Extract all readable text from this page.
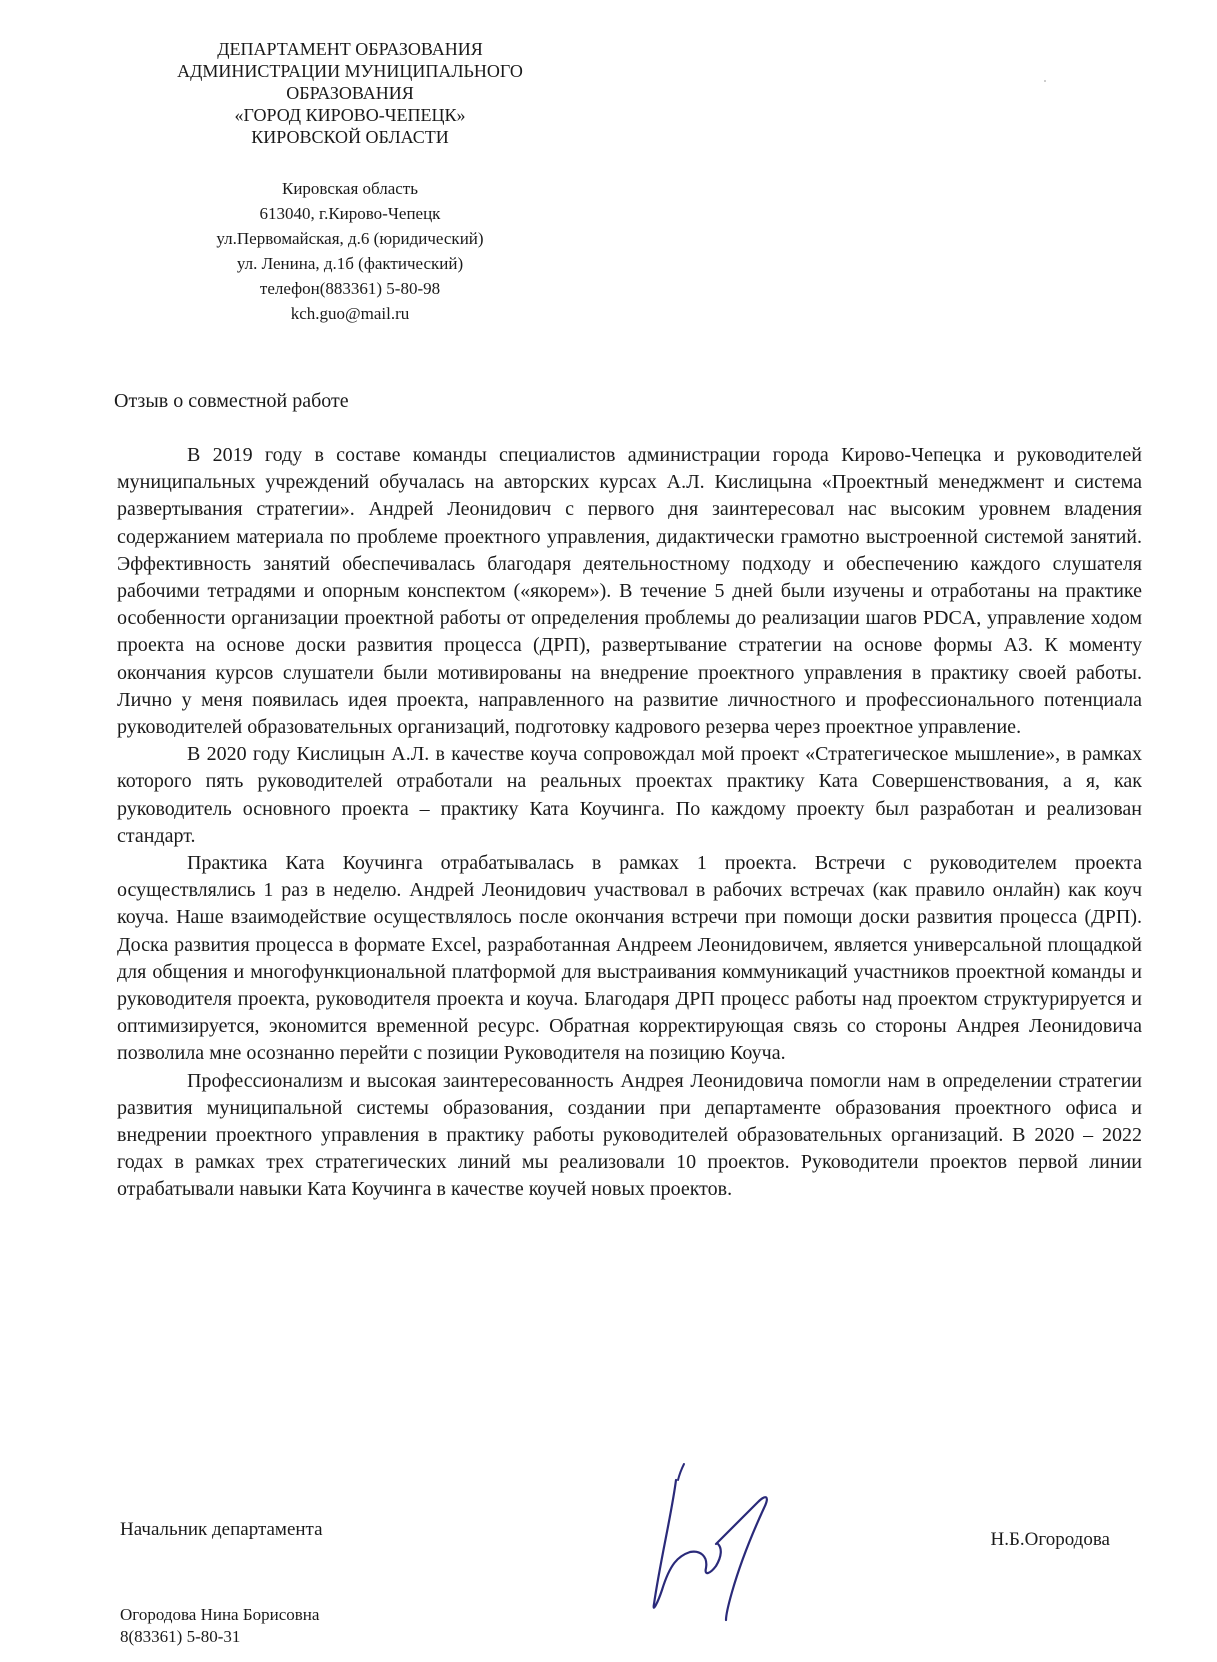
ДЕПАРТАМЕНТ ОБРАЗОВАНИЯ
АДМИНИСТРАЦИИ МУНИЦИПАЛЬНОГО
ОБРАЗОВАНИЯ
«ГОРОД КИРОВО-ЧЕПЕЦК»
КИРОВСКОЙ ОБЛАСТИ
Кировская область
613040, г.Кирово-Чепецк
ул.Первомайская, д.6 (юридический)
ул. Ленина, д.1б (фактический)
телефон(883361) 5-80-98
kch.guo@mail.ru
Отзыв о совместной работе

В 2019 году в составе команды специалистов администрации города Кирово-Чепецка и руководителей муниципальных учреждений обучалась на авторских курсах А.Л. Кислицына «Проектный менеджмент и система развертывания стратегии». Андрей Леонидович с первого дня заинтересовал нас высоким уровнем владения содержанием материала по проблеме проектного управления, дидактически грамотно выстроенной системой занятий. Эффективность занятий обеспечивалась благодаря деятельностному подходу и обеспечению каждого слушателя рабочими тетрадями и опорным конспектом («якорем»). В течение 5 дней были изучены и отработаны на практике особенности организации проектной работы от определения проблемы до реализации шагов PDCA, управление ходом проекта на основе доски развития процесса (ДРП), развертывание стратегии на основе формы А3. К моменту окончания курсов слушатели были мотивированы на внедрение проектного управления в практику своей работы. Лично у меня появилась идея проекта, направленного на развитие личностного и профессионального потенциала руководителей образовательных организаций, подготовку кадрового резерва через проектное управление.

В 2020 году Кислицын А.Л. в качестве коуча сопровождал мой проект «Стратегическое мышление», в рамках которого пять руководителей отработали на реальных проектах практику Ката Совершенствования, а я, как руководитель основного проекта – практику Ката Коучинга. По каждому проекту был разработан и реализован стандарт.

Практика Ката Коучинга отрабатывалась в рамках 1 проекта. Встречи с руководителем проекта осуществлялись 1 раз в неделю. Андрей Леонидович участвовал в рабочих встречах (как правило онлайн) как коуч коуча. Наше взаимодействие осуществлялось после окончания встречи при помощи доски развития процесса (ДРП). Доска развития процесса в формате Excel, разработанная Андреем Леонидовичем, является универсальной площадкой для общения и многофункциональной платформой для выстраивания коммуникаций участников проектной команды и руководителя проекта, руководителя проекта и коуча. Благодаря ДРП процесс работы над проектом структурируется и оптимизируется, экономится временной ресурс. Обратная корректирующая связь со стороны Андрея Леонидовича позволила мне осознанно перейти с позиции Руководителя на позицию Коуча.

Профессионализм и высокая заинтересованность Андрея Леонидовича помогли нам в определении стратегии развития муниципальной системы образования, создании при департаменте образования проектного офиса и внедрении проектного управления в практику работы руководителей образовательных организаций. В 2020 – 2022 годах в рамках трех стратегических линий мы реализовали 10 проектов. Руководители проектов первой линии отрабатывали навыки Ката Коучинга в качестве коучей новых проектов.

Начальник департамента	Н.Б.Огородова
Огородова Нина Борисовна
8(83361) 5-80-31
